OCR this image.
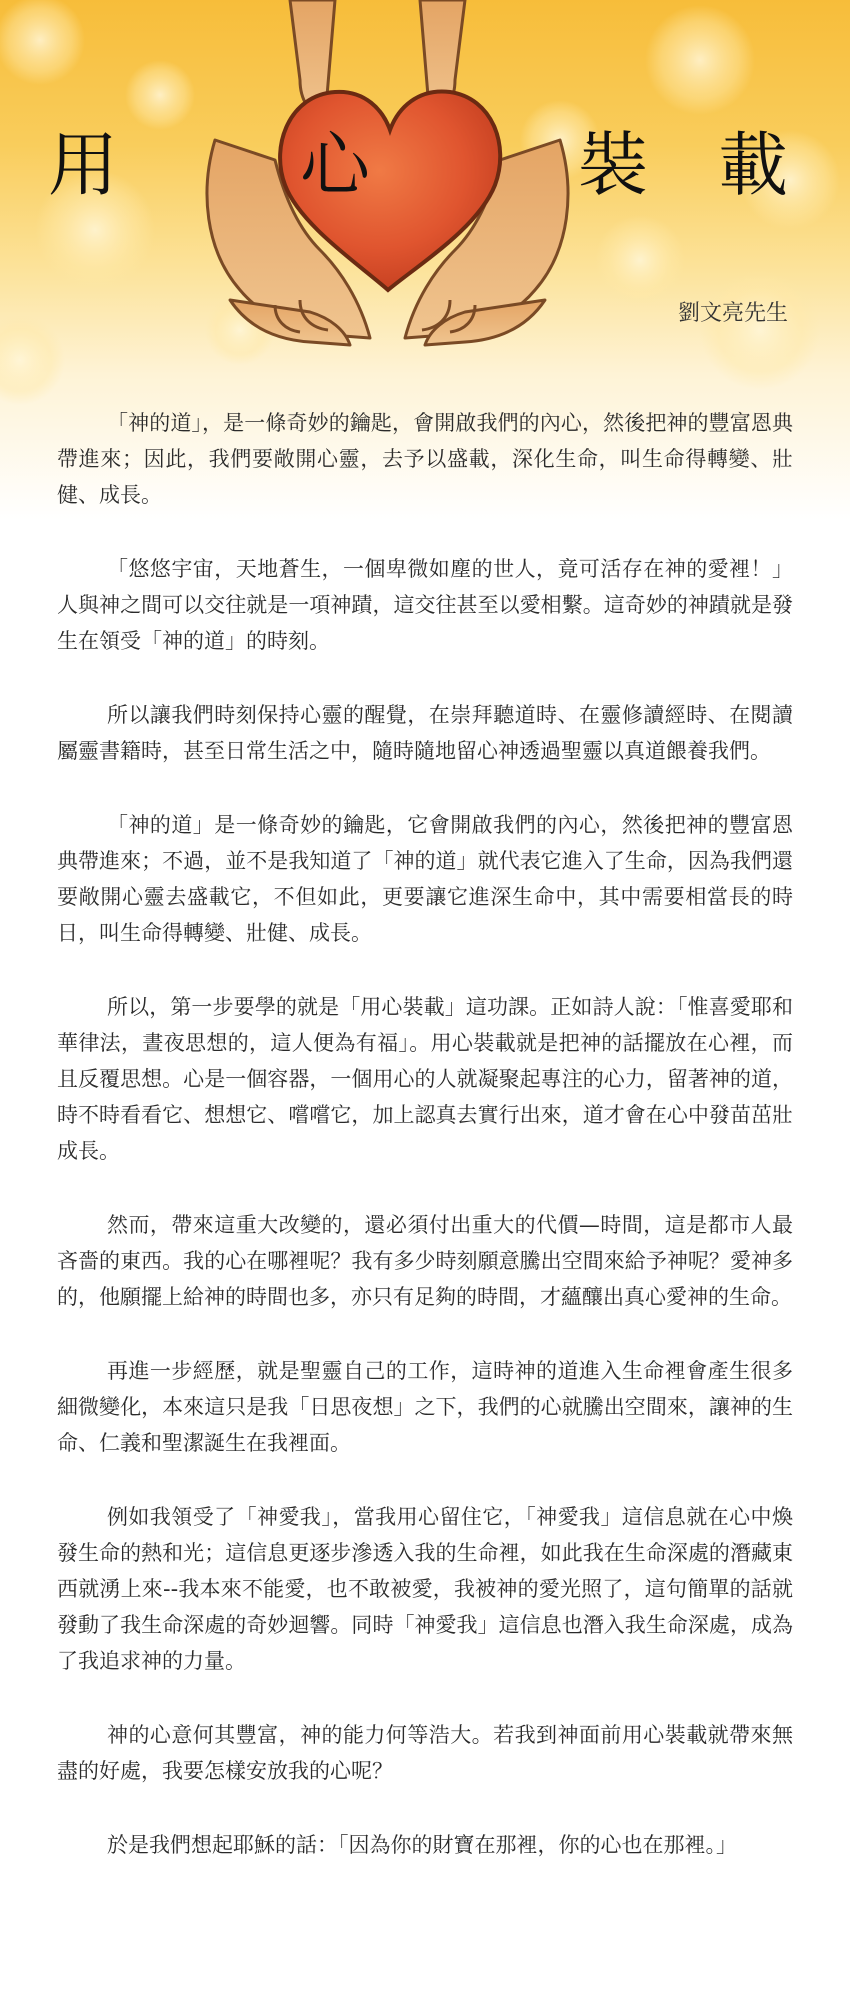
用	心	裝 載
劉文亮先生

「神的道」，是一條奇妙的鑰匙，會開啟我們的內心，然後把神的豐富恩典帶進來；因此，我們要敞開心靈，去予以盛載，深化生命，叫生命得轉變、壯健、成長。

「悠悠宇宙，天地蒼生，一個卑微如塵的世人，竟可活存在神的愛裡！」人與神之間可以交往就是一項神蹟，這交往甚至以愛相繫。這奇妙的神蹟就是發生在領受「神的道」的時刻。

所以讓我們時刻保持心靈的醒覺，在崇拜聽道時、在靈修讀經時、在閱讀屬靈書籍時，甚至日常生活之中，隨時隨地留心神透過聖靈以真道餵養我們。

「神的道」是一條奇妙的鑰匙，它會開啟我們的內心，然後把神的豐富恩典帶進來；不過，並不是我知道了「神的道」就代表它進入了生命，因為我們還要敞開心靈去盛載它，不但如此，更要讓它進深生命中，其中需要相當長的時日，叫生命得轉變、壯健、成長。

所以，第一步要學的就是「用心裝載」這功課。正如詩人說：「惟喜愛耶和華律法，晝夜思想的，這人便為有福」。用心裝載就是把神的話擺放在心裡，而且反覆思想。心是一個容器，一個用心的人就凝聚起專注的心力，留著神的道，時不時看看它、想想它、嚐嚐它，加上認真去實行出來，道才會在心中發苗茁壯成長。

然而，帶來這重大改變的，還必須付出重大的代價—時間，這是都市人最吝嗇的東西。我的心在哪裡呢？我有多少時刻願意騰出空間來給予神呢？愛神多的，他願擺上給神的時間也多，亦只有足夠的時間，才蘊釀出真心愛神的生命。

再進一步經歷，就是聖靈自己的工作，這時神的道進入生命裡會產生很多細微變化，本來這只是我「日思夜想」之下，我們的心就騰出空間來，讓神的生命、仁義和聖潔誕生在我裡面。

例如我領受了「神愛我」，當我用心留住它，「神愛我」這信息就在心中煥發生命的熱和光；這信息更逐步滲透入我的生命裡，如此我在生命深處的潛藏東西就湧上來--我本來不能愛，也不敢被愛，我被神的愛光照了，這句簡單的話就發動了我生命深處的奇妙迴響。同時「神愛我」這信息也潛入我生命深處，成為了我追求神的力量。

神的心意何其豐富，神的能力何等浩大。若我到神面前用心裝載就帶來無盡的好處，我要怎樣安放我的心呢？

於是我們想起耶穌的話：「因為你的財寶在那裡，你的心也在那裡。」
